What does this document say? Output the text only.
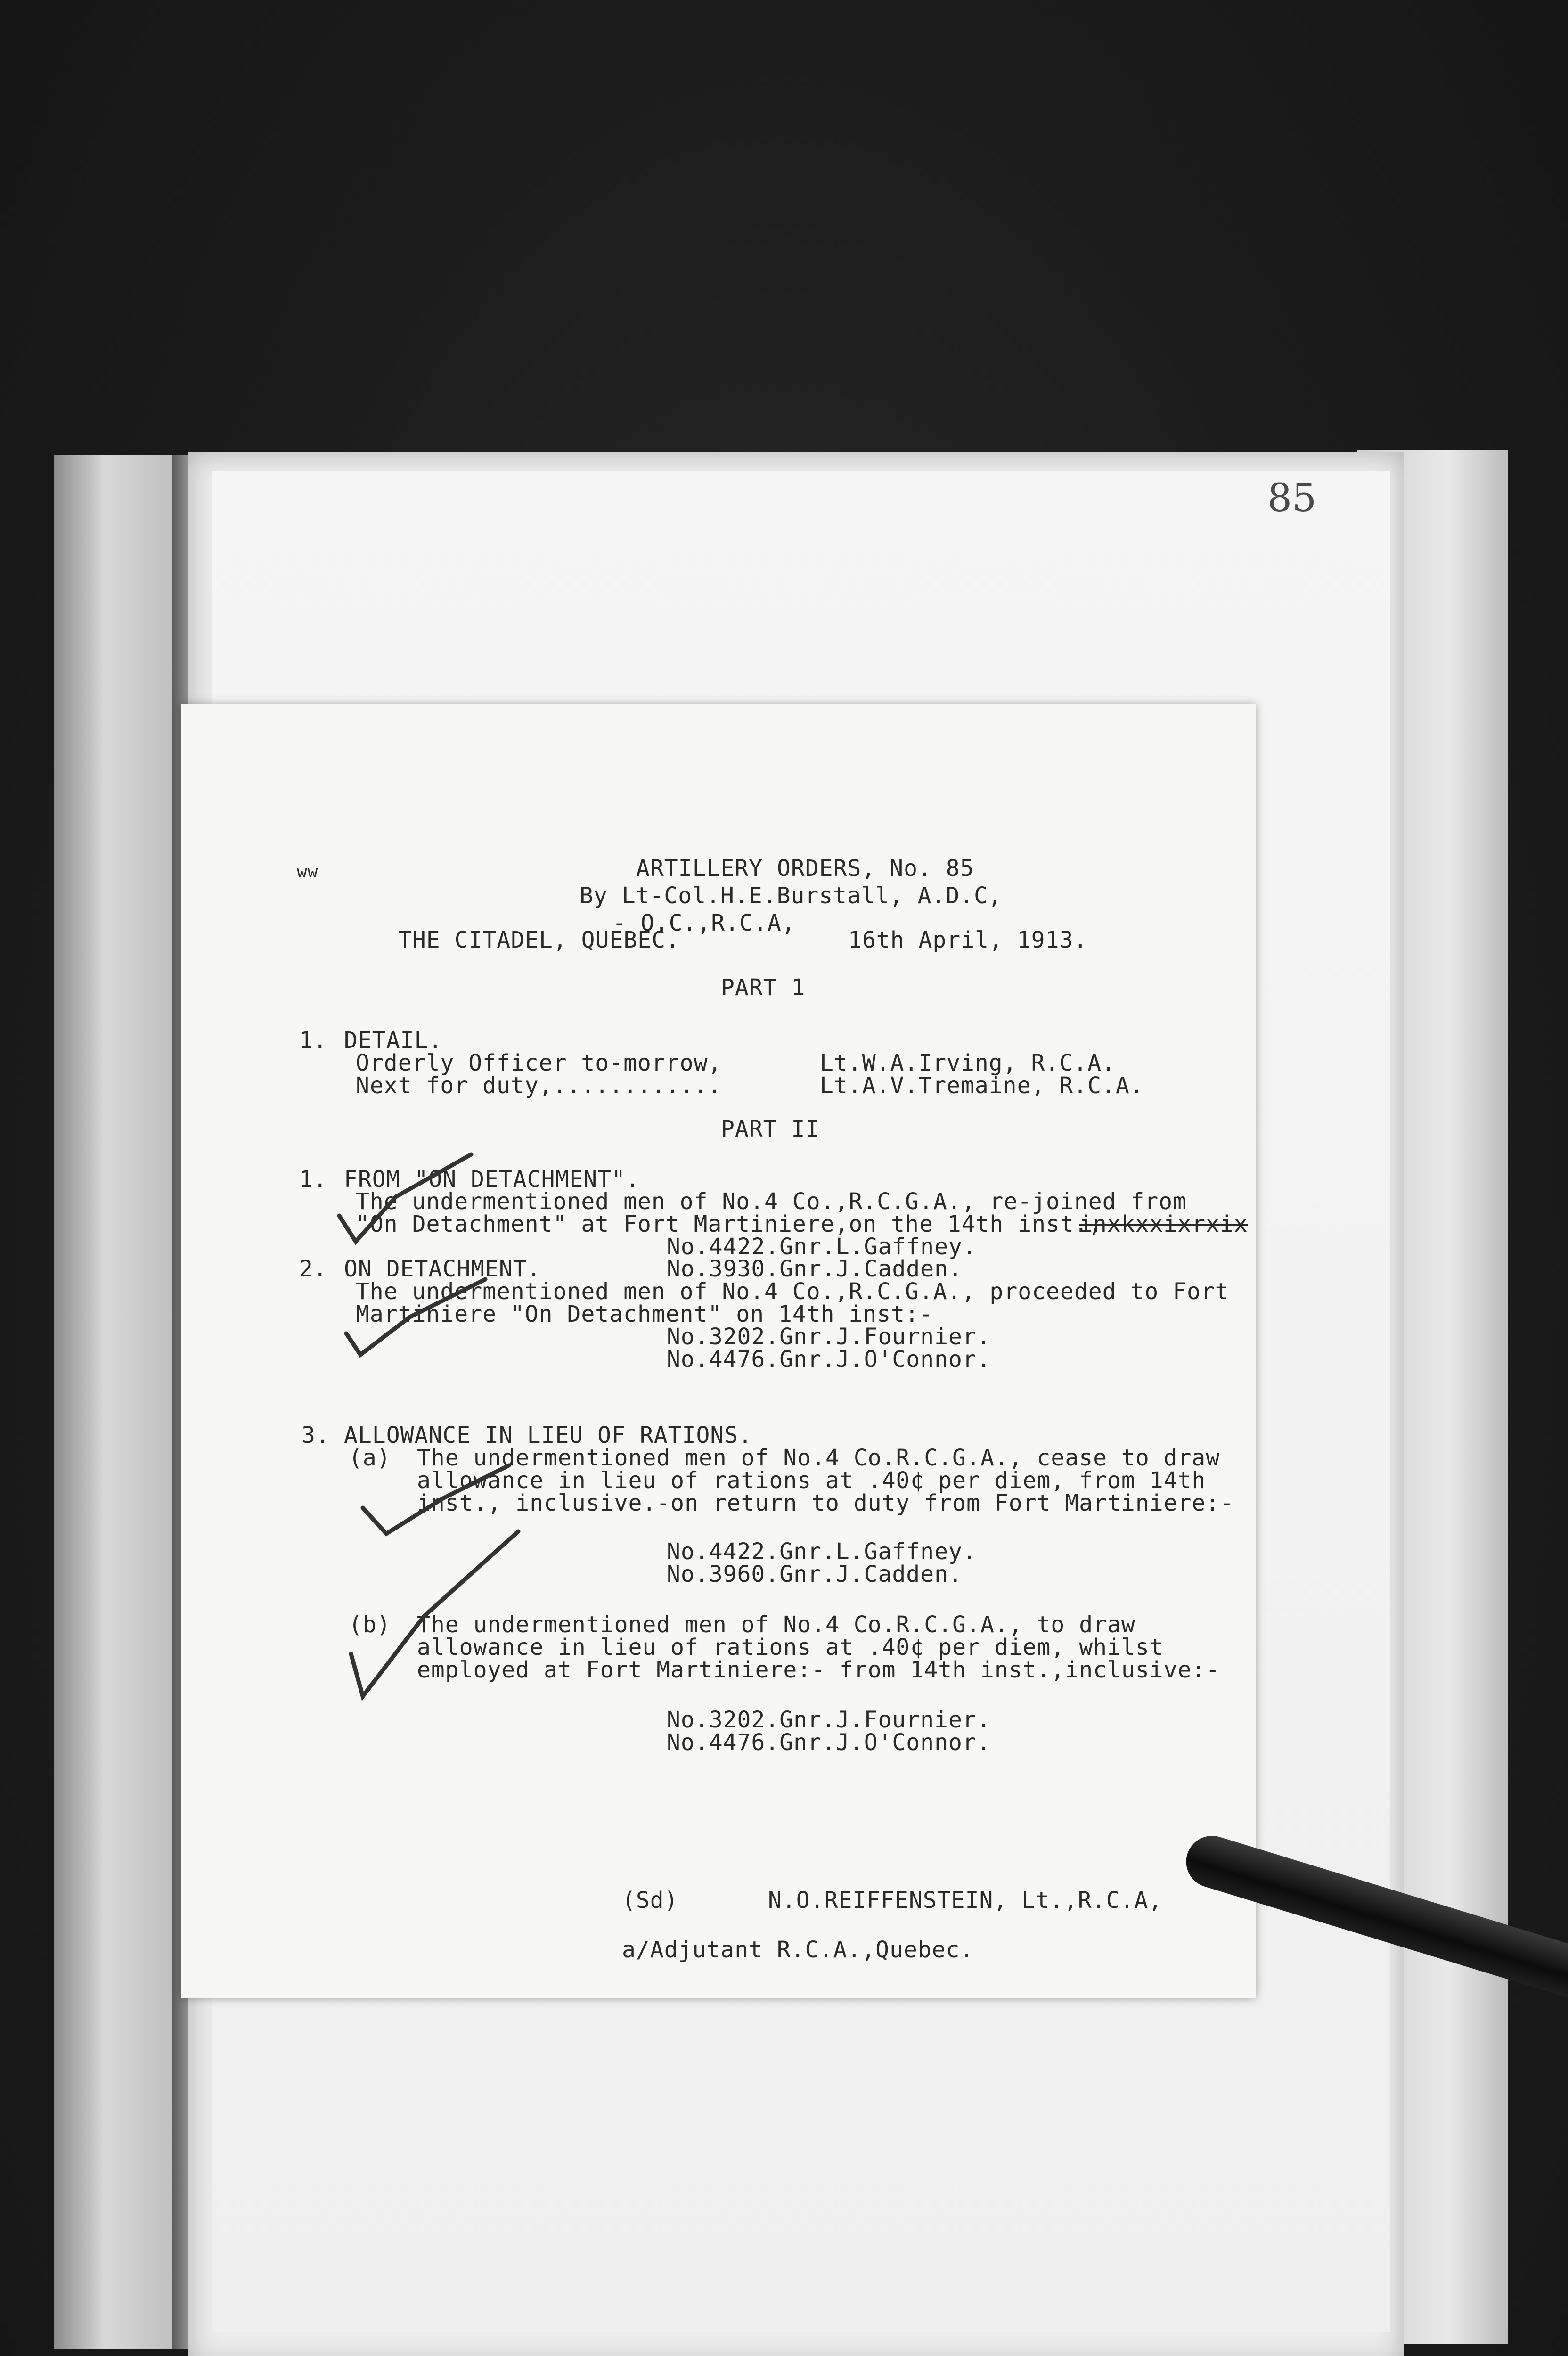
85
ww	ARTILLERY ORDERS, No. 85
By Lt-Col.H.E.Burstall, A.D.C,
- O.C.,R.C.A,
THE CITADEL, QUEBEC.	16th April, 1913.
PART 1
1. DETAIL.
Orderly Officer to-morrow,	Lt.W.A.Irving, R.C.A.
Next for duty,............	Lt.A.V.Tremaine, R.C.A.
PART II
1. FROM "ON DETACHMENT".
The undermentioned men of No.4 Co.,R.C.G.A., re-joined from
"On Detachment" at Fort Martiniere,on the 14th inst.,
inxkxxixrxix
No.4422.Gnr.L.Gaffney.
2. ON DETACHMENT.	No.3930.Gnr.J.Cadden.
The undermentioned men of No.4 Co.,R.C.G.A., proceeded to Fort
Martiniere "On Detachment" on 14th inst:-
No.3202.Gnr.J.Fournier.
No.4476.Gnr.J.O'Connor.
3. ALLOWANCE IN LIEU OF RATIONS.
(a) The undermentioned men of No.4 Co.R.C.G.A., cease to draw
allowance in lieu of rations at .40¢ per diem, from 14th
inst., inclusive.-on return to duty from Fort Martiniere:-
No.4422.Gnr.L.Gaffney.
No.3960.Gnr.J.Cadden.
(b) The undermentioned men of No.4 Co.R.C.G.A., to draw
allowance in lieu of rations at .40¢ per diem, whilst
employed at Fort Martiniere:- from 14th inst.,inclusive:-
No.3202.Gnr.J.Fournier.
No.4476.Gnr.J.O'Connor.
(Sd)	N.O.REIFFENSTEIN, Lt.,R.C.A,
a/Adjutant R.C.A.,Quebec.
